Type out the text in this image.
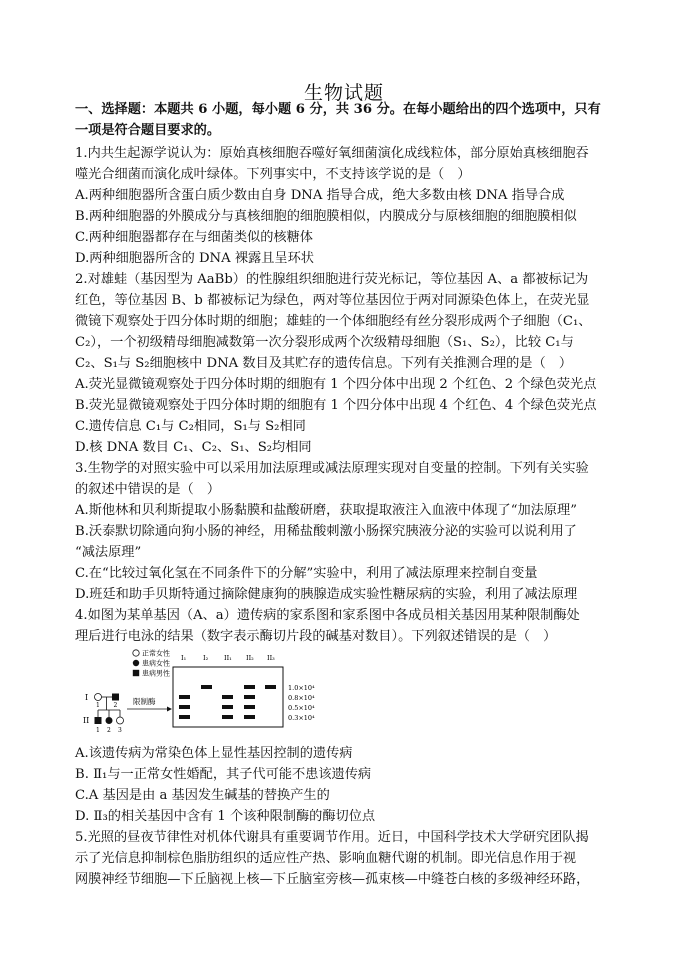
生物试题
一、选择题：本题共 6 小题，每小题 6 分，共 36 分。在每小题给出的四个选项中，只有
一项是符合题目要求的。
1.内共生起源学说认为：原始真核细胞吞噬好氧细菌演化成线粒体，部分原始真核细胞吞
噬光合细菌而演化成叶绿体。下列事实中，不支持该学说的是（　）
A.两种细胞器所含蛋白质少数由自身 DNA 指导合成，绝大多数由核 DNA 指导合成
B.两种细胞器的外膜成分与真核细胞的细胞膜相似，内膜成分与原核细胞的细胞膜相似
C.两种细胞器都存在与细菌类似的核糖体
D.两种细胞器所含的 DNA 裸露且呈环状
2.对雄蛙（基因型为 AaBb）的性腺组织细胞进行荧光标记，等位基因 A、a 都被标记为
红色，等位基因 B、b 都被标记为绿色，两对等位基因位于两对同源染色体上，在荧光显
微镜下观察处于四分体时期的细胞；雄蛙的一个体细胞经有丝分裂形成两个子细胞（C₁、
C₂），一个初级精母细胞减数第一次分裂形成两个次级精母细胞（S₁、S₂），比较 C₁与
C₂、S₁与 S₂细胞核中 DNA 数目及其贮存的遗传信息。下列有关推测合理的是（　）
A.荧光显微镜观察处于四分体时期的细胞有 1 个四分体中出现 2 个红色、2 个绿色荧光点
B.荧光显微镜观察处于四分体时期的细胞有 1 个四分体中出现 4 个红色、4 个绿色荧光点
C.遗传信息 C₁与 C₂相同，S₁与 S₂相同
D.核 DNA 数目 C₁、C₂、S₁、S₂均相同
3.生物学的对照实验中可以采用加法原理或减法原理实现对自变量的控制。下列有关实验
的叙述中错误的是（　）
A.斯他林和贝利斯提取小肠黏膜和盐酸研磨，获取提取液注入血液中体现了“加法原理”
B.沃泰默切除通向狗小肠的神经，用稀盐酸刺激小肠探究胰液分泌的实验可以说利用了
“减法原理”
C.在“比较过氧化氢在不同条件下的分解”实验中，利用了减法原理来控制自变量
D.班廷和助手贝斯特通过摘除健康狗的胰腺造成实验性糖尿病的实验，利用了减法原理
4.如图为某单基因（A、a）遗传病的家系图和家系图中各成员相关基因用某种限制酶处
理后进行电泳的结果（数字表示酶切片段的碱基对数目）。下列叙述错误的是（　）
正常女性
患病女性
患病男性
I
II
1 2
1 2 3
限制酶
I₁	I₂ II₁ II₂ II₃
1.0×10⁴
0.8×10⁴
0.5×10⁴
0.3×10⁴
A.该遗传病为常染色体上显性基因控制的遗传病
B. Ⅱ₁与一正常女性婚配，其子代可能不患该遗传病
C.A 基因是由 a 基因发生碱基的替换产生的
D. Ⅱ₃的相关基因中含有 1 个该种限制酶的酶切位点
5.光照的昼夜节律性对机体代谢具有重要调节作用。近日，中国科学技术大学研究团队揭
示了光信息抑制棕色脂肪组织的适应性产热、影响血糖代谢的机制。即光信息作用于视
网膜神经节细胞—下丘脑视上核—下丘脑室旁核—孤束核—中缝苍白核的多级神经环路，
